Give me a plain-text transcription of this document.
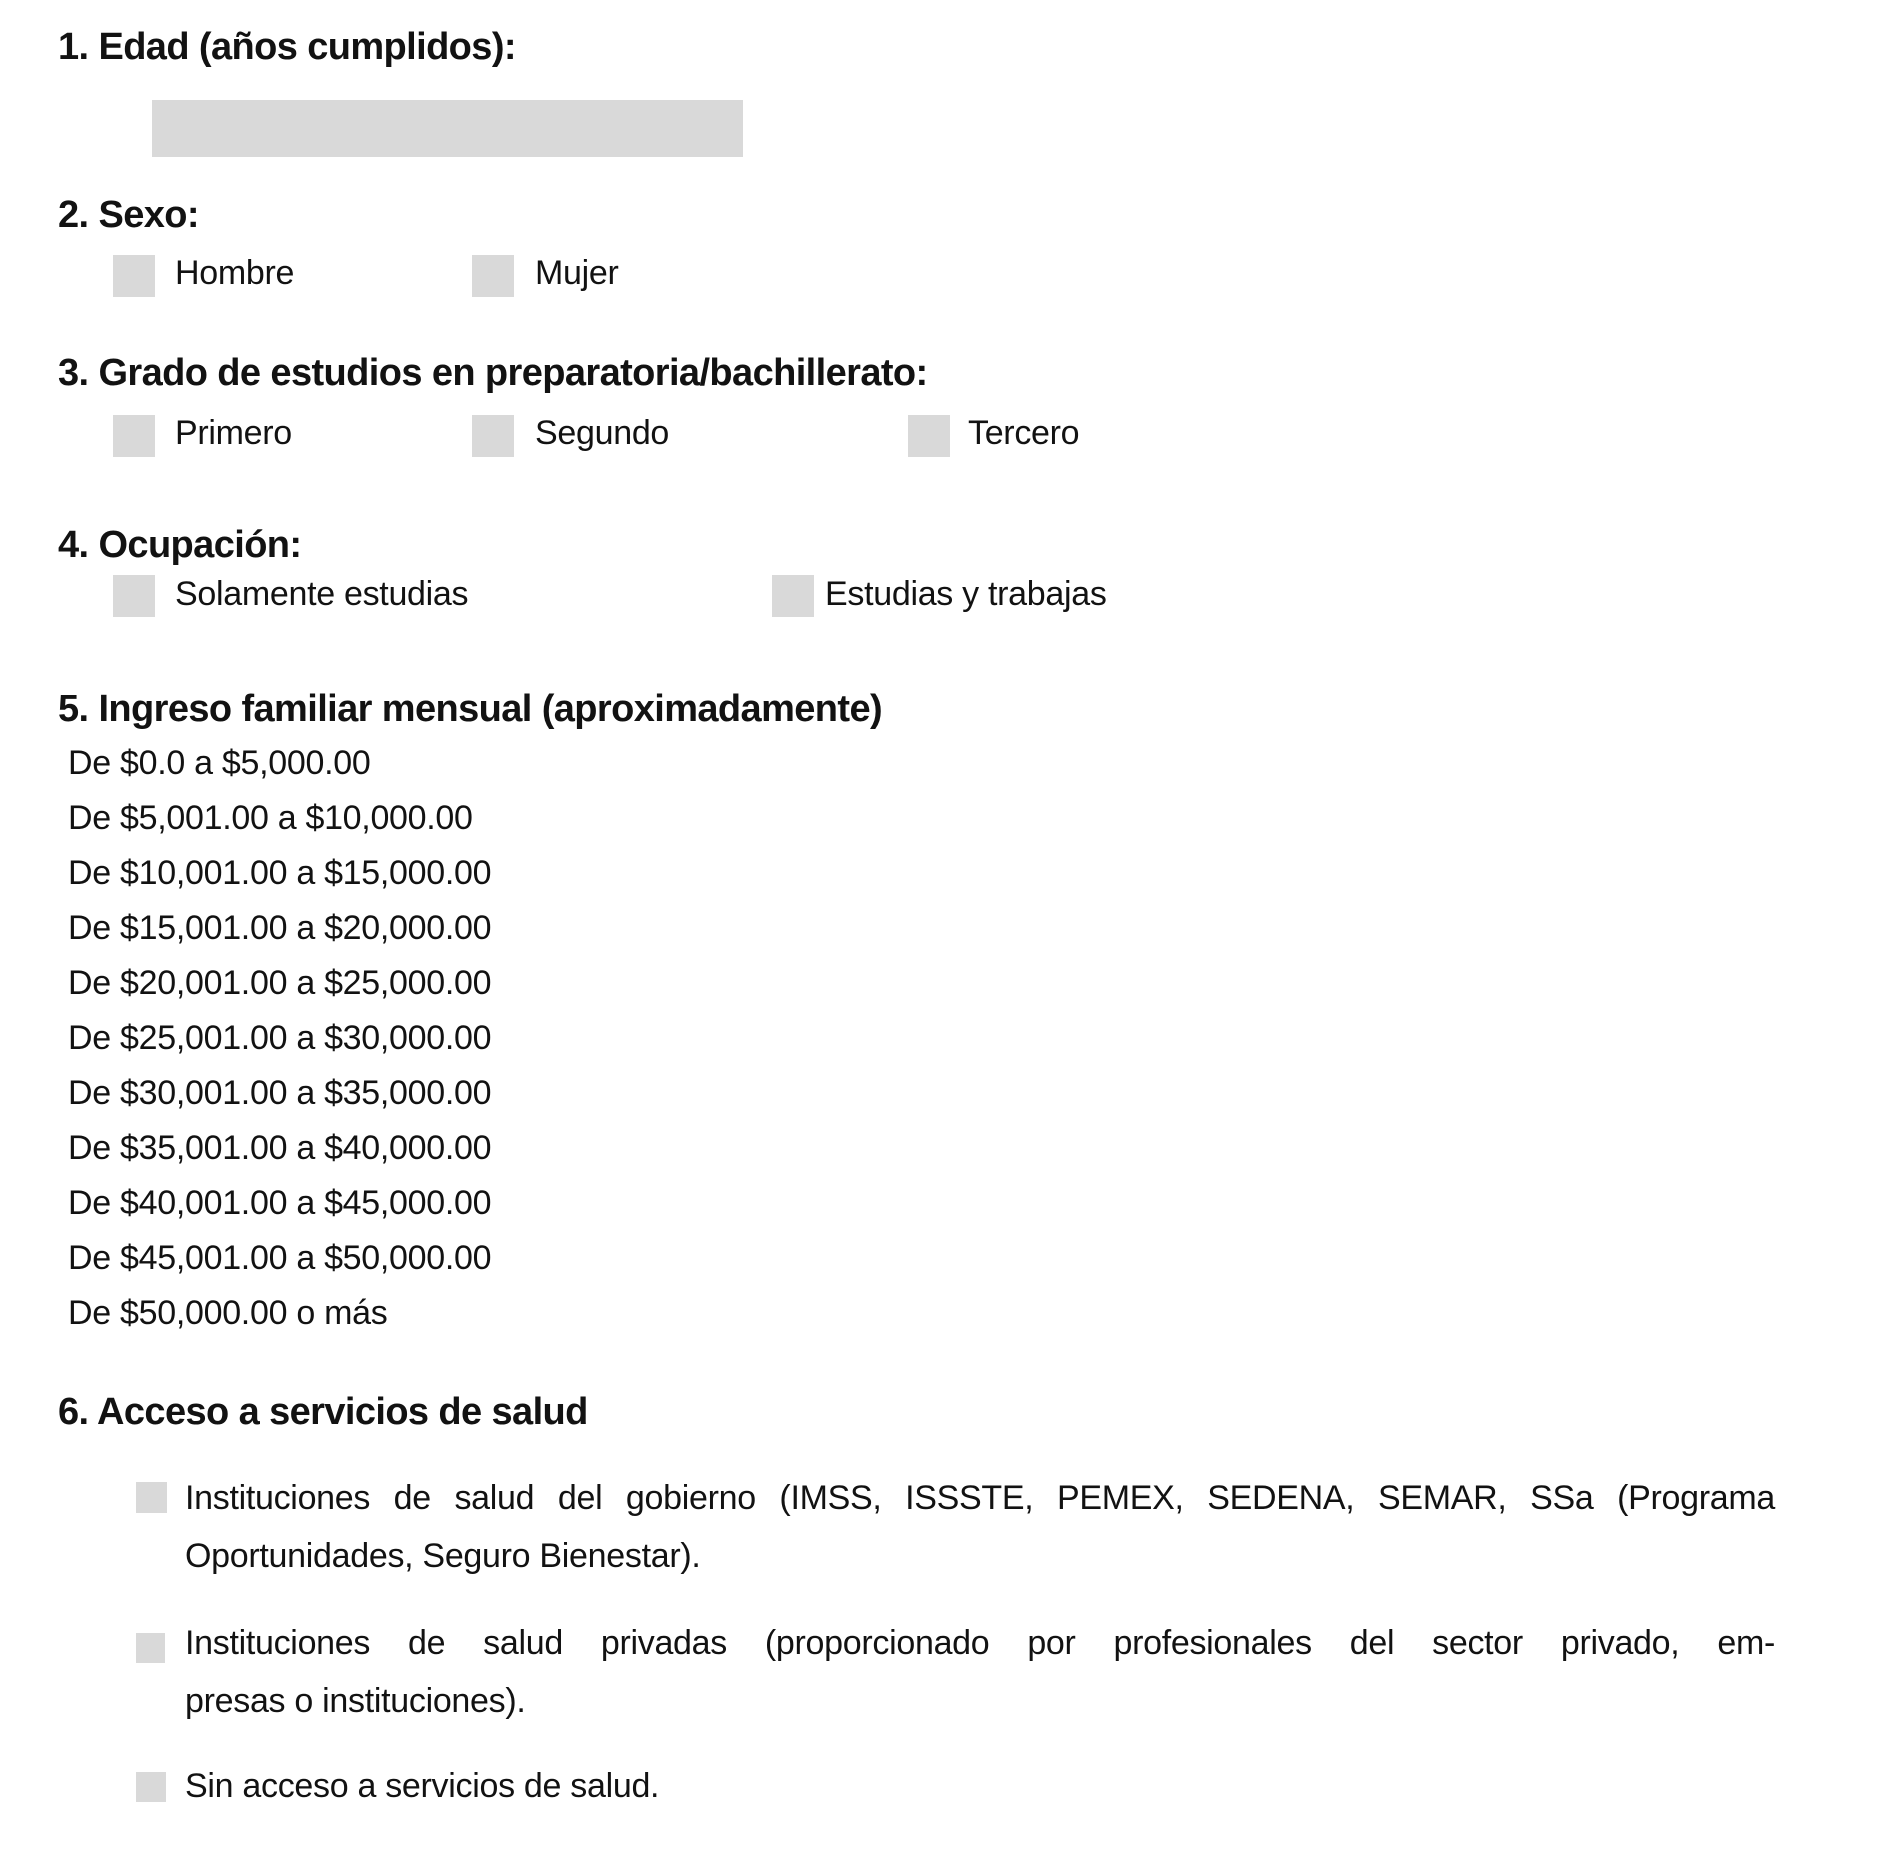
1. Edad (años cumplidos):
2. Sexo:
Hombre	Mujer
3. Grado de estudios en preparatoria/bachillerato:
Primero	Segundo	Tercero
4. Ocupación:
Solamente estudias	Estudias y trabajas
5. Ingreso familiar mensual (aproximadamente)
De $0.0 a $5,000.00
De $5,001.00 a $10,000.00
De $10,001.00 a $15,000.00
De $15,001.00 a $20,000.00
De $20,001.00 a $25,000.00
De $25,001.00 a $30,000.00
De $30,001.00 a $35,000.00
De $35,001.00 a $40,000.00
De $40,001.00 a $45,000.00
De $45,001.00 a $50,000.00
De $50,000.00 o más
6. Acceso a servicios de salud
Instituciones de salud del gobierno (IMSS, ISSSTE, PEMEX, SEDENA, SEMAR, SSa (Programa
Oportunidades, Seguro Bienestar).
Instituciones de salud privadas (proporcionado por profesionales del sector privado, em-
presas o instituciones).
Sin acceso a servicios de salud.
